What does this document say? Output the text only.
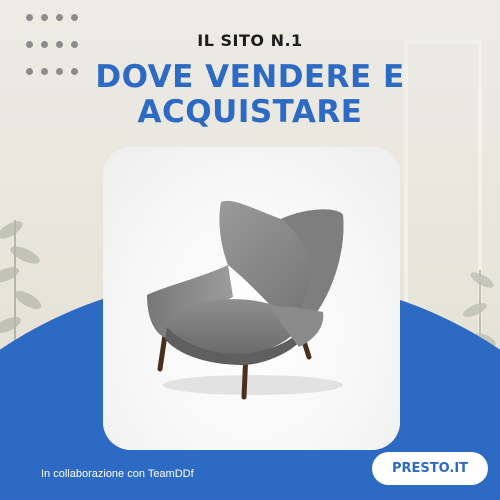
IL SITO N.1
DOVE VENDERE E
ACQUISTARE
In collaborazione con TeamDDf	PRESTO.IT
